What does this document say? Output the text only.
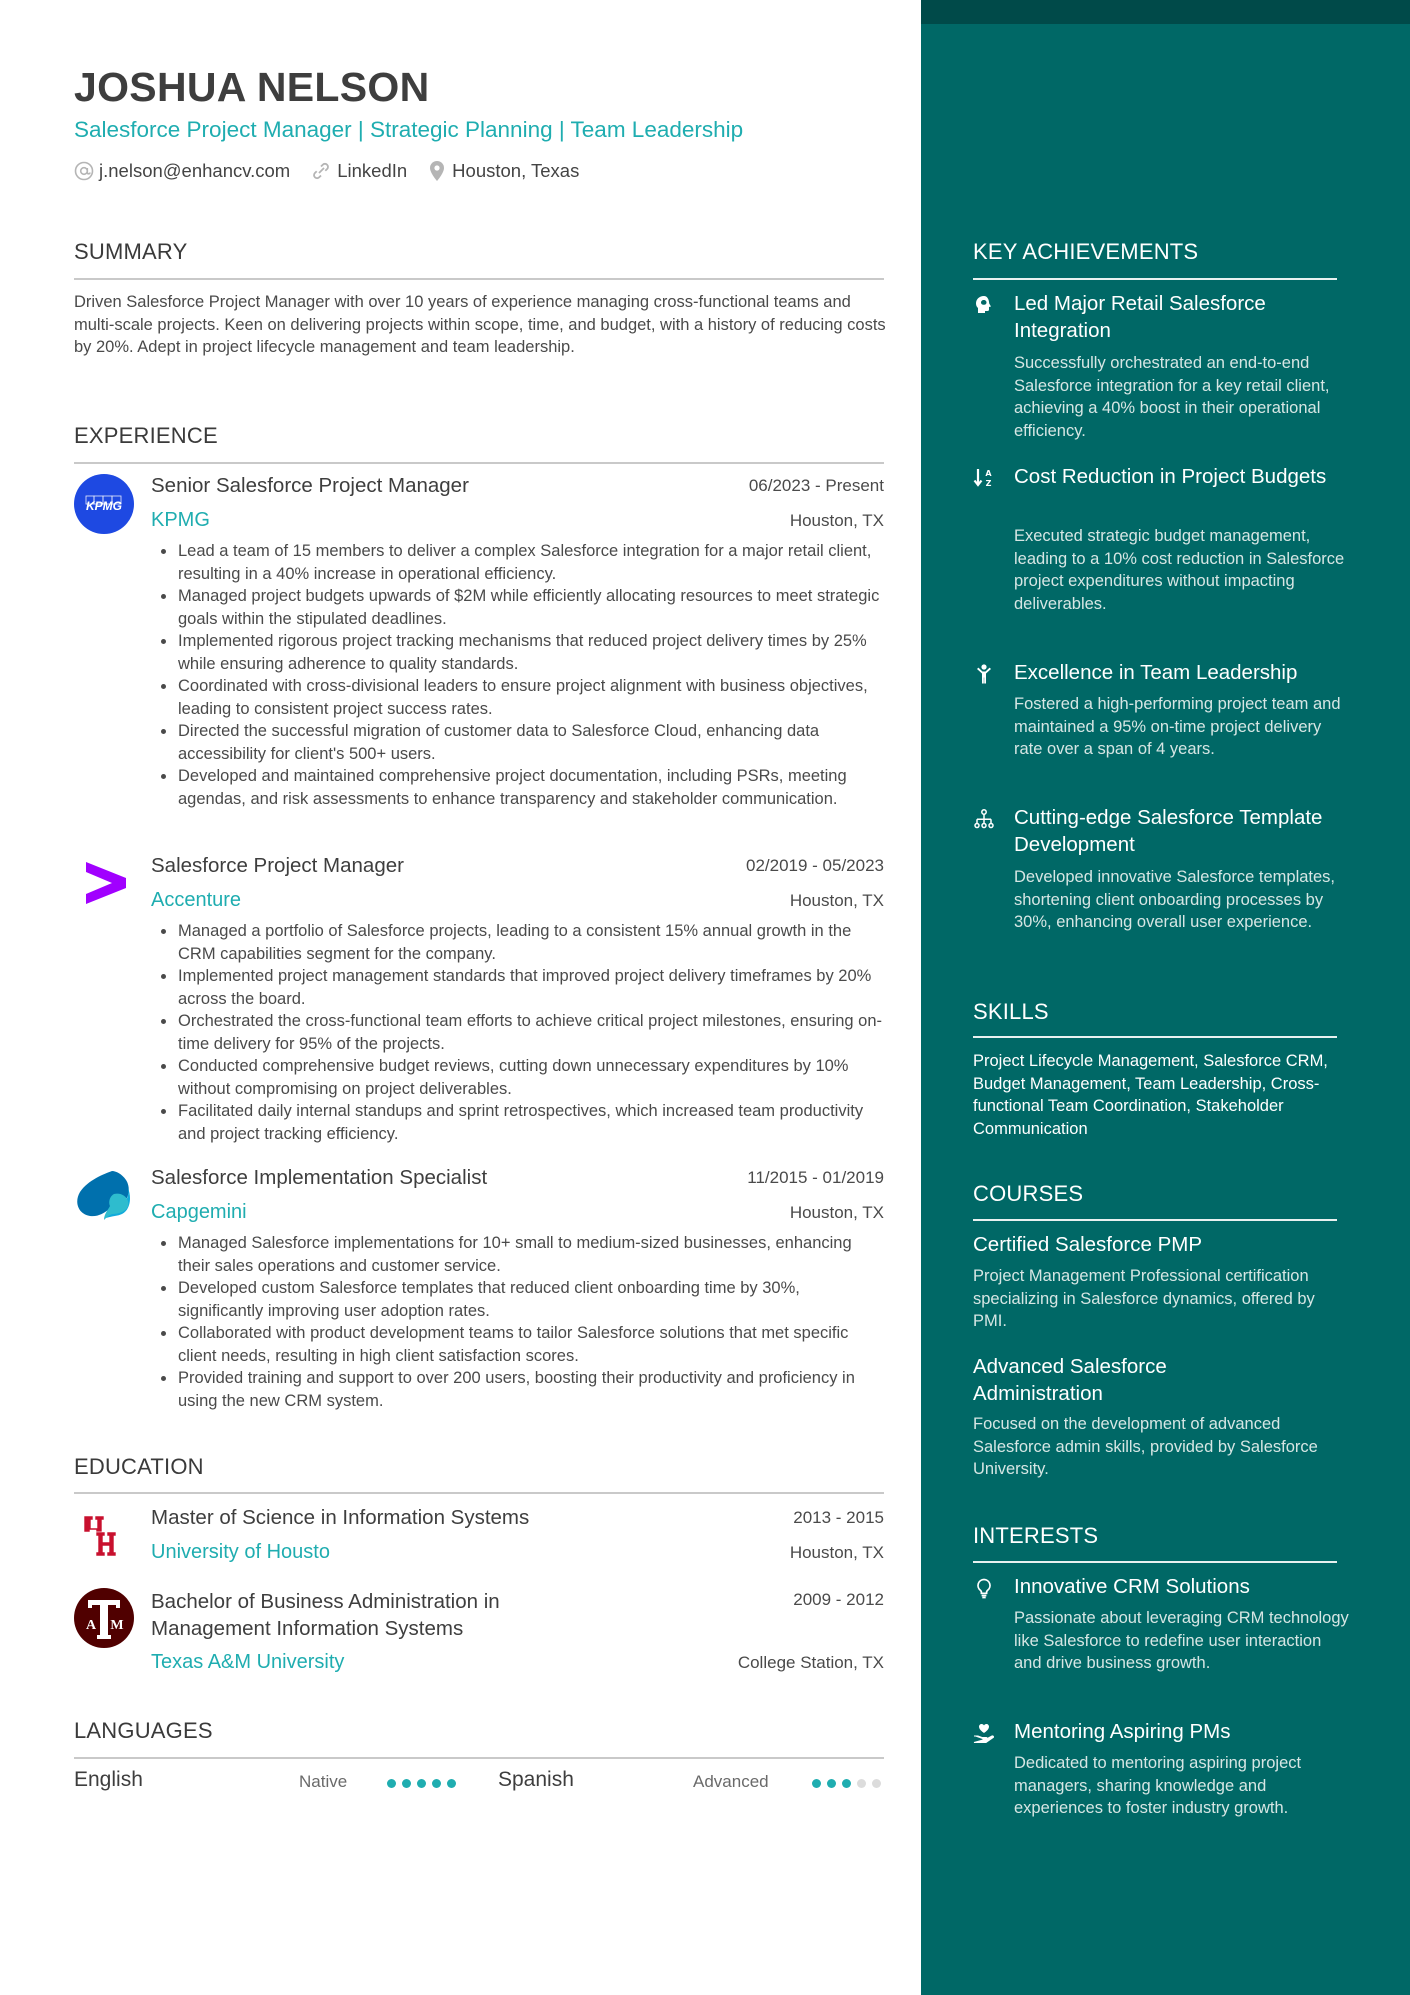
JOSHUA NELSON
Salesforce Project Manager | Strategic Planning | Team Leadership
j.nelson@enhancv.com	LinkedIn Houston, Texas
SUMMARY
Driven Salesforce Project Manager with over 10 years of experience managing cross-functional teams and multi-scale projects. Keen on delivering projects within scope, time, and budget, with a history of reducing costs by 20%. Adept in project lifecycle management and team leadership.
EXPERIENCE
KPMG
Senior Salesforce Project Manager	06/2023 - Present
KPMG	Houston, TX
Lead a team of 15 members to deliver a complex Salesforce integration for a major retail client, resulting in a 40% increase in operational efficiency.
Managed project budgets upwards of $2M while efficiently allocating resources to meet strategic goals within the stipulated deadlines.
Implemented rigorous project tracking mechanisms that reduced project delivery times by 25% while ensuring adherence to quality standards.
Coordinated with cross-divisional leaders to ensure project alignment with business objectives, leading to consistent project success rates.
Directed the successful migration of customer data to Salesforce Cloud, enhancing data accessibility for client's 500+ users.
Developed and maintained comprehensive project documentation, including PSRs, meeting agendas, and risk assessments to enhance transparency and stakeholder communication.
Salesforce Project Manager	02/2019 - 05/2023
Accenture	Houston, TX
Managed a portfolio of Salesforce projects, leading to a consistent 15% annual growth in the CRM capabilities segment for the company.
Implemented project management standards that improved project delivery timeframes by 20% across the board.
Orchestrated the cross-functional team efforts to achieve critical project milestones, ensuring on-time delivery for 95% of the projects.
Conducted comprehensive budget reviews, cutting down unnecessary expenditures by 10% without compromising on project deliverables.
Facilitated daily internal standups and sprint retrospectives, which increased team productivity and project tracking efficiency.
Salesforce Implementation Specialist	11/2015 - 01/2019
Capgemini	Houston, TX
Managed Salesforce implementations for 10+ small to medium-sized businesses, enhancing their sales operations and customer service.
Developed custom Salesforce templates that reduced client onboarding time by 30%, significantly improving user adoption rates.
Collaborated with product development teams to tailor Salesforce solutions that met specific client needs, resulting in high client satisfaction scores.
Provided training and support to over 200 users, boosting their productivity and proficiency in using the new CRM system.
EDUCATION
Master of Science in Information Systems	2013 - 2015
University of Housto	Houston, TX
A M
Bachelor of Business Administration in Management Information Systems
2009 - 2012
Texas A&M University	College Station, TX
LANGUAGES
English	Native	Spanish	Advanced
KEY ACHIEVEMENTS
Led Major Retail Salesforce Integration
Successfully orchestrated an end-to-end Salesforce integration for a key retail client, achieving a 40% boost in their operational efficiency.
A
Z Cost Reduction in Project Budgets
Executed strategic budget management, leading to a 10% cost reduction in Salesforce project expenditures without impacting deliverables.
Excellence in Team Leadership
Fostered a high-performing project team and maintained a 95% on-time project delivery rate over a span of 4 years.
Cutting-edge Salesforce Template Development
Developed innovative Salesforce templates, shortening client onboarding processes by 30%, enhancing overall user experience.
SKILLS
Project Lifecycle Management, Salesforce CRM, Budget Management, Team Leadership, Cross-functional Team Coordination, Stakeholder Communication
COURSES
Certified Salesforce PMP
Project Management Professional certification specializing in Salesforce dynamics, offered by PMI.
Advanced Salesforce Administration
Focused on the development of advanced Salesforce admin skills, provided by Salesforce University.
INTERESTS
Innovative CRM Solutions
Passionate about leveraging CRM technology like Salesforce to redefine user interaction and drive business growth.
Mentoring Aspiring PMs
Dedicated to mentoring aspiring project managers, sharing knowledge and experiences to foster industry growth.
